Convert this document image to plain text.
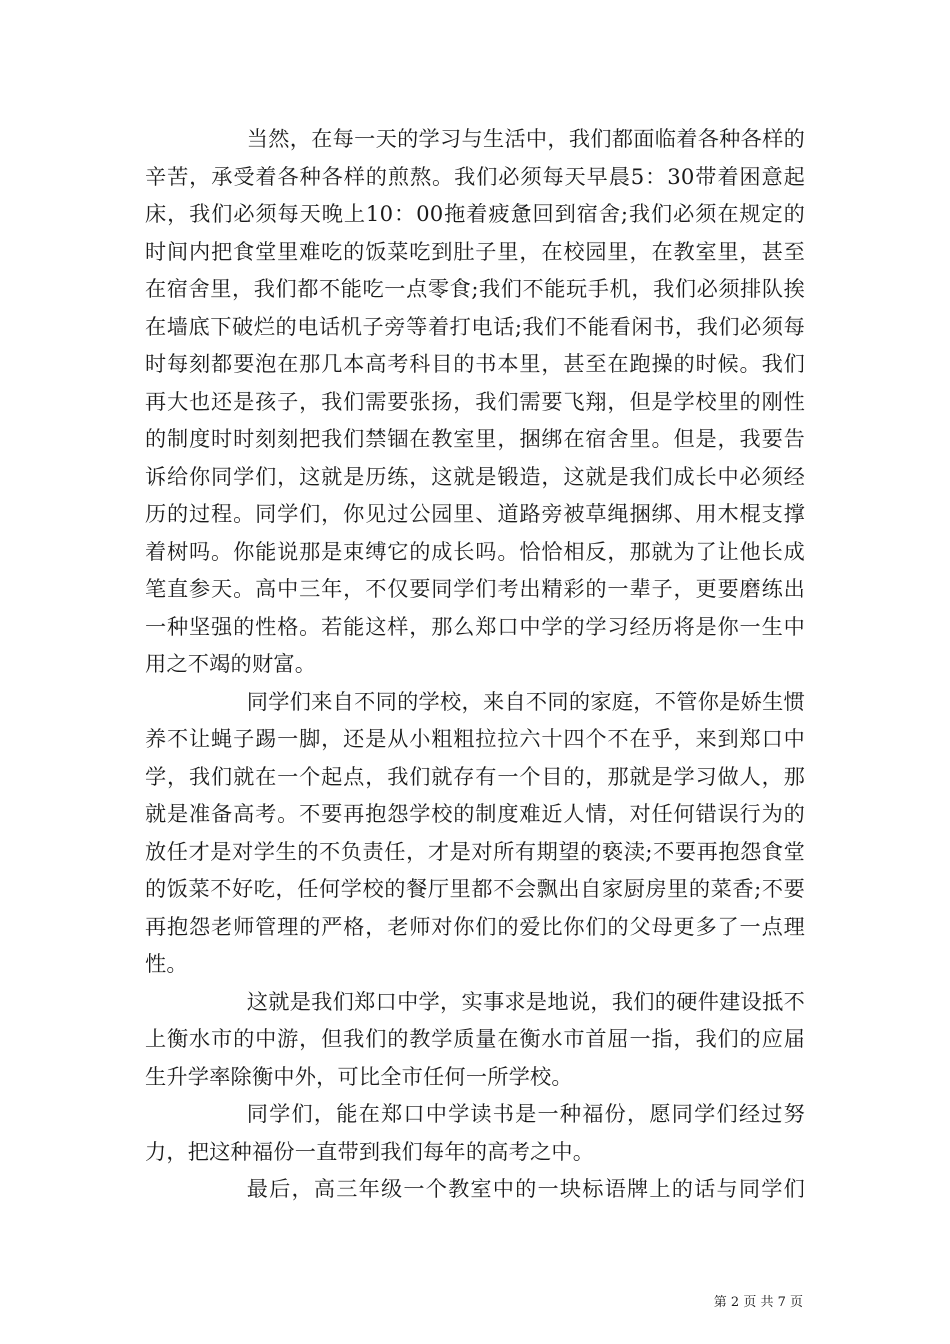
当然，在每一天的学习与生活中，我们都面临着各种各样的辛苦，承受着各种各样的煎熬。我们必须每天早晨5：30带着困意起床，我们必须每天晚上10：00拖着疲惫回到宿舍;我们必须在规定的时间内把食堂里难吃的饭菜吃到肚子里，在校园里，在教室里，甚至在宿舍里，我们都不能吃一点零食;我们不能玩手机，我们必须排队挨在墙底下破烂的电话机子旁等着打电话;我们不能看闲书，我们必须每时每刻都要泡在那几本高考科目的书本里，甚至在跑操的时候。我们再大也还是孩子，我们需要张扬，我们需要飞翔，但是学校里的刚性的制度时时刻刻把我们禁锢在教室里，捆绑在宿舍里。但是，我要告诉给你同学们，这就是历练，这就是锻造，这就是我们成长中必须经历的过程。同学们，你见过公园里、道路旁被草绳捆绑、用木棍支撑着树吗。你能说那是束缚它的成长吗。恰恰相反，那就为了让他长成笔直参天。高中三年，不仅要同学们考出精彩的一辈子，更要磨练出一种坚强的性格。若能这样，那么郑口中学的学习经历将是你一生中用之不竭的财富。

同学们来自不同的学校，来自不同的家庭，不管你是娇生惯养不让蝇子踢一脚，还是从小粗粗拉拉六十四个不在乎，来到郑口中学，我们就在一个起点，我们就存有一个目的，那就是学习做人，那就是准备高考。不要再抱怨学校的制度难近人情，对任何错误行为的放任才是对学生的不负责任，才是对所有期望的亵渎;不要再抱怨食堂的饭菜不好吃，任何学校的餐厅里都不会飘出自家厨房里的菜香;不要再抱怨老师管理的严格，老师对你们的爱比你们的父母更多了一点理性。

这就是我们郑口中学，实事求是地说，我们的硬件建设抵不上衡水市的中游，但我们的教学质量在衡水市首屈一指，我们的应届生升学率除衡中外，可比全市任何一所学校。

同学们，能在郑口中学读书是一种福份，愿同学们经过努力，把这种福份一直带到我们每年的高考之中。

最后，高三年级一个教室中的一块标语牌上的话与同学们

第 2 页 共 7 页
